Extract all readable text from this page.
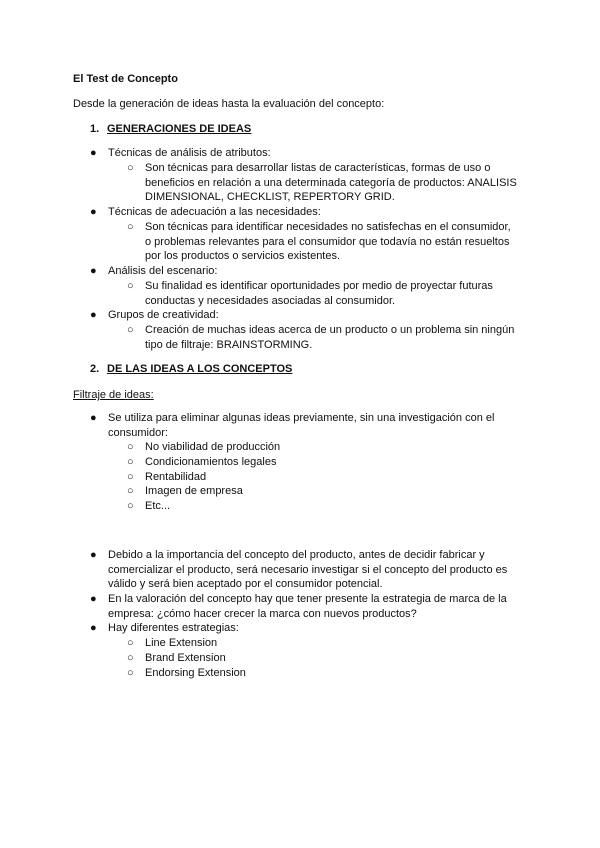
El Test de Concepto
Desde la generación de ideas hasta la evaluación del concepto:
1. GENERACIONES DE IDEAS
●	Técnicas de análisis de atributos:
○	Son técnicas para desarrollar listas de características, formas de uso o beneficios en relación a una determinada categoría de productos: ANALISIS DIMENSIONAL, CHECKLIST, REPERTORY GRID.
●	Técnicas de adecuación a las necesidades:
○	Son técnicas para identificar necesidades no satisfechas en el consumidor, o problemas relevantes para el consumidor que todavía no están resueltos por los productos o servicios existentes.
●	Análisis del escenario:
○	Su finalidad es identificar oportunidades por medio de proyectar futuras conductas y necesidades asociadas al consumidor.
●	Grupos de creatividad:
○	Creación de muchas ideas acerca de un producto o un problema sin ningún tipo de filtraje: BRAINSTORMING.
2. DE LAS IDEAS A LOS CONCEPTOS
Filtraje de ideas:
●	Se utiliza para eliminar algunas ideas previamente, sin una investigación con el consumidor:
○	No viabilidad de producción
○	Condicionamientos legales
○	Rentabilidad
○	Imagen de empresa
○	Etc...
●	Debido a la importancia del concepto del producto, antes de decidir fabricar y comercializar el producto, será necesario investigar si el concepto del producto es válido y será bien aceptado por el consumidor potencial.
●	En la valoración del concepto hay que tener presente la estrategia de marca de la empresa: ¿cómo hacer crecer la marca con nuevos productos?
●	Hay diferentes estrategias:
○	Line Extension
○	Brand Extension
○	Endorsing Extension
